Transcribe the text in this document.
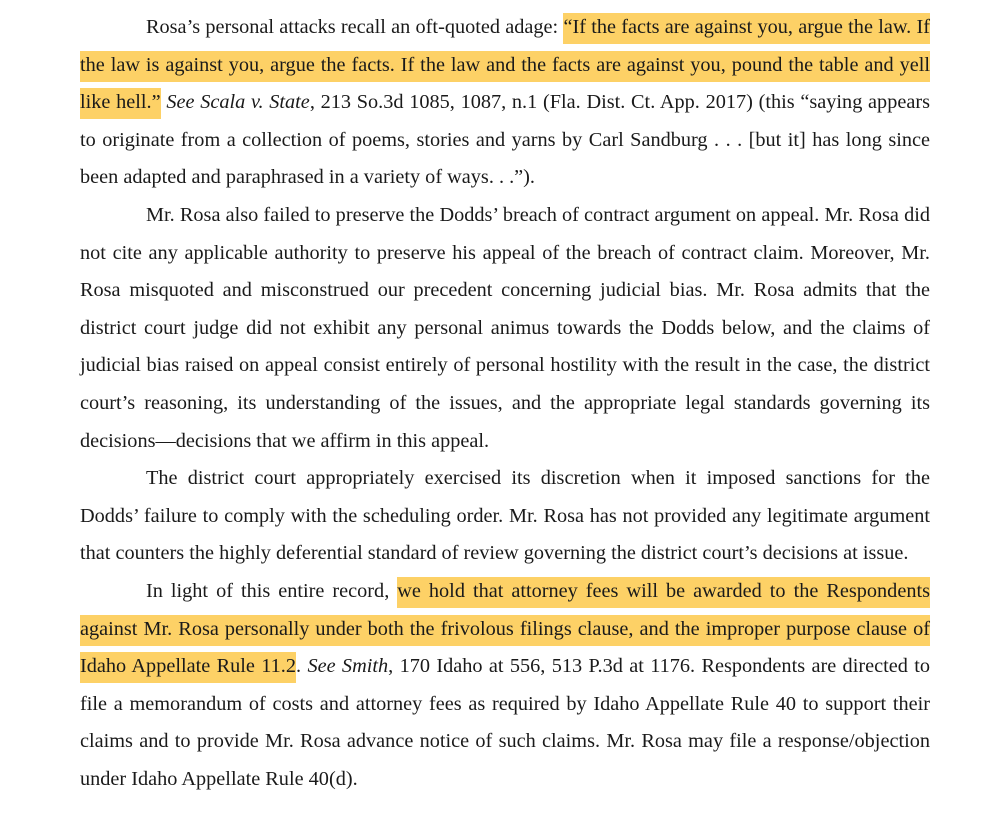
Rosa’s personal attacks recall an oft-quoted adage: “If the facts are against you, argue the law. If the law is against you, argue the facts. If the law and the facts are against you, pound the table and yell like hell.” See Scala v. State, 213 So.3d 1085, 1087, n.1 (Fla. Dist. Ct. App. 2017) (this “saying appears to originate from a collection of poems, stories and yarns by Carl Sandburg . . . [but it] has long since been adapted and paraphrased in a variety of ways. . .”).

Mr. Rosa also failed to preserve the Dodds’ breach of contract argument on appeal. Mr. Rosa did not cite any applicable authority to preserve his appeal of the breach of contract claim. Moreover, Mr. Rosa misquoted and misconstrued our precedent concerning judicial bias. Mr. Rosa admits that the district court judge did not exhibit any personal animus towards the Dodds below, and the claims of judicial bias raised on appeal consist entirely of personal hostility with the result in the case, the district court’s reasoning, its understanding of the issues, and the appropriate legal standards governing its decisions—decisions that we affirm in this appeal.

The district court appropriately exercised its discretion when it imposed sanctions for the Dodds’ failure to comply with the scheduling order. Mr. Rosa has not provided any legitimate argument that counters the highly deferential standard of review governing the district court’s decisions at issue.

In light of this entire record, we hold that attorney fees will be awarded to the Respondents against Mr. Rosa personally under both the frivolous filings clause, and the improper purpose clause of Idaho Appellate Rule 11.2. See Smith, 170 Idaho at 556, 513 P.3d at 1176. Respondents are directed to file a memorandum of costs and attorney fees as required by Idaho Appellate Rule 40 to support their claims and to provide Mr. Rosa advance notice of such claims. Mr. Rosa may file a response/objection under Idaho Appellate Rule 40(d).
